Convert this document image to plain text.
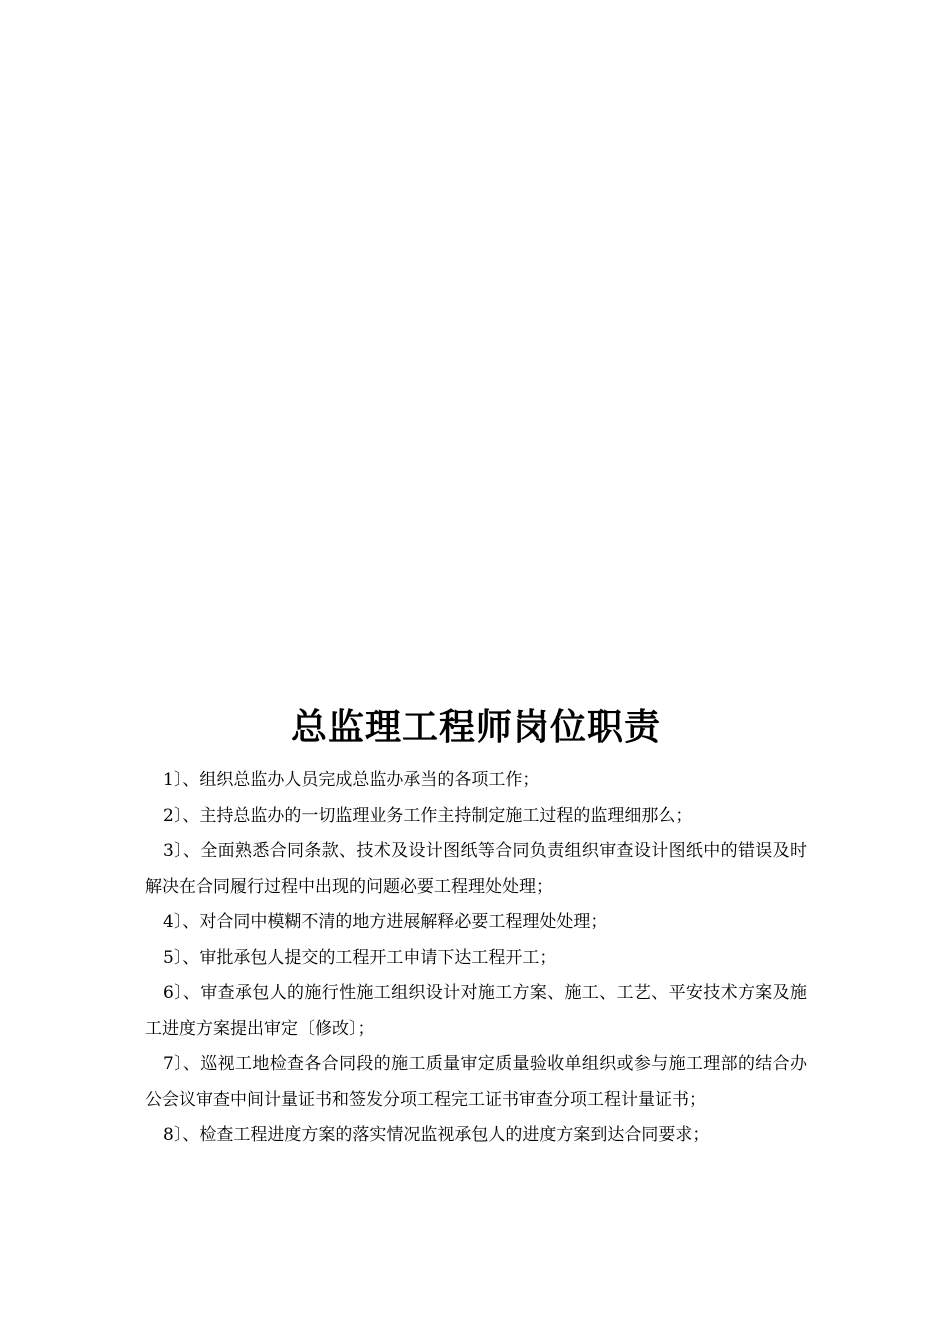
总监理工程师岗位职责
1〕、组织总监办人员完成总监办承当的各项工作；
2〕、主持总监办的一切监理业务工作主持制定施工过程的监理细那么；
3〕、全面熟悉合同条款、技术及设计图纸等合同负责组织审查设计图纸中的错误及时解决在合同履行过程中出现的问题必要工程理处处理；
4〕、对合同中模糊不清的地方进展解释必要工程理处处理；
5〕、审批承包人提交的工程开工申请下达工程开工；
6〕、审查承包人的施行性施工组织设计对施工方案、施工、工艺、平安技术方案及施工进度方案提出审定〔修改〕；
7〕、巡视工地检查各合同段的施工质量审定质量验收单组织或参与施工理部的结合办公会议审查中间计量证书和签发分项工程完工证书审查分项工程计量证书；
8〕、检查工程进度方案的落实情况监视承包人的进度方案到达合同要求；
